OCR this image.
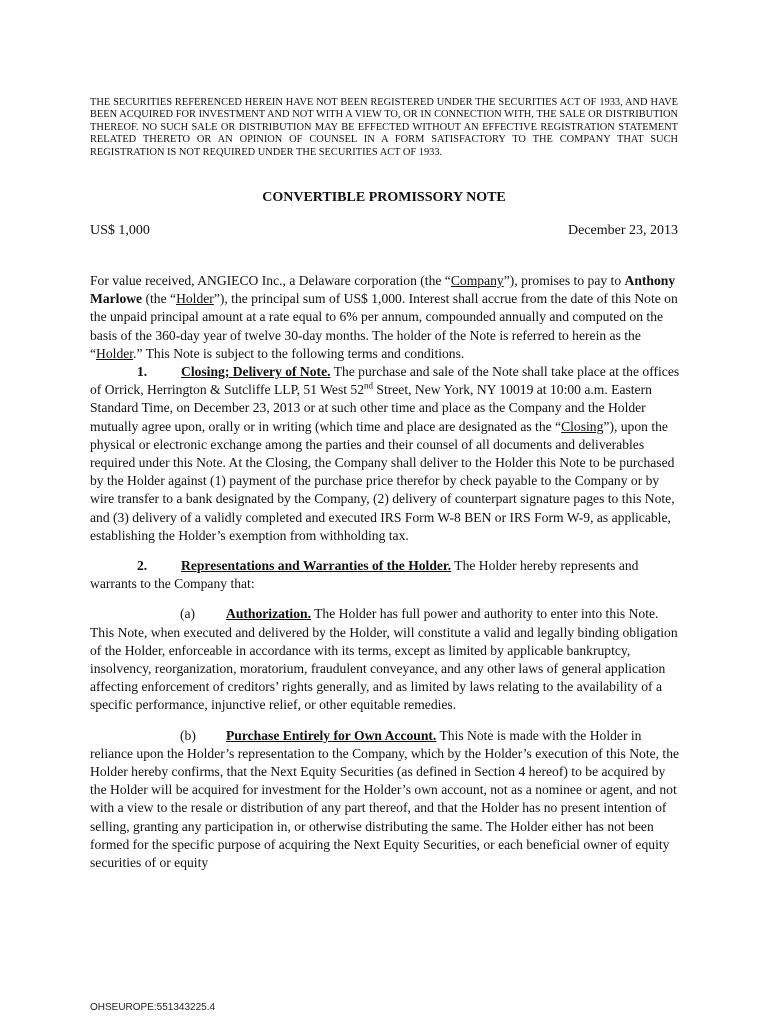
THE SECURITIES REFERENCED HEREIN HAVE NOT BEEN REGISTERED UNDER THE SECURITIES ACT OF 1933, AND HAVE BEEN ACQUIRED FOR INVESTMENT AND NOT WITH A VIEW TO, OR IN CONNECTION WITH, THE SALE OR DISTRIBUTION THEREOF. NO SUCH SALE OR DISTRIBUTION MAY BE EFFECTED WITHOUT AN EFFECTIVE REGISTRATION STATEMENT RELATED THERETO OR AN OPINION OF COUNSEL IN A FORM SATISFACTORY TO THE COMPANY THAT SUCH REGISTRATION IS NOT REQUIRED UNDER THE SECURITIES ACT OF 1933.
CONVERTIBLE PROMISSORY NOTE
US$ 1,000	December 23, 2013

For value received, ANGIECO Inc., a Delaware corporation (the “Company”), promises to pay to Anthony Marlowe (the “Holder”), the principal sum of US$ 1,000. Interest shall accrue from the date of this Note on the unpaid principal amount at a rate equal to 6% per annum, compounded annually and computed on the basis of the 360-day year of twelve 30-day months. The holder of the Note is referred to herein as the “Holder.” This Note is subject to the following terms and conditions.

1. Closing; Delivery of Note. The purchase and sale of the Note shall take place at the offices of Orrick, Herrington & Sutcliffe LLP, 51 West 52nd Street, New York, NY 10019 at 10:00 a.m. Eastern Standard Time, on December 23, 2013 or at such other time and place as the Company and the Holder mutually agree upon, orally or in writing (which time and place are designated as the “Closing”), upon the physical or electronic exchange among the parties and their counsel of all documents and deliverables required under this Note. At the Closing, the Company shall deliver to the Holder this Note to be purchased by the Holder against (1) payment of the purchase price therefor by check payable to the Company or by wire transfer to a bank designated by the Company, (2) delivery of counterpart signature pages to this Note, and (3) delivery of a validly completed and executed IRS Form W-8 BEN or IRS Form W-9, as applicable, establishing the Holder’s exemption from withholding tax.

2. Representations and Warranties of the Holder. The Holder hereby represents and warrants to the Company that:

(a) Authorization. The Holder has full power and authority to enter into this Note. This Note, when executed and delivered by the Holder, will constitute a valid and legally binding obligation of the Holder, enforceable in accordance with its terms, except as limited by applicable bankruptcy, insolvency, reorganization, moratorium, fraudulent conveyance, and any other laws of general application affecting enforcement of creditors’ rights generally, and as limited by laws relating to the availability of a specific performance, injunctive relief, or other equitable remedies.

(b) Purchase Entirely for Own Account. This Note is made with the Holder in reliance upon the Holder’s representation to the Company, which by the Holder’s execution of this Note, the Holder hereby confirms, that the Next Equity Securities (as defined in Section 4 hereof) to be acquired by the Holder will be acquired for investment for the Holder’s own account, not as a nominee or agent, and not with a view to the resale or distribution of any part thereof, and that the Holder has no present intention of selling, granting any participation in, or otherwise distributing the same. The Holder either has not been formed for the specific purpose of acquiring the Next Equity Securities, or each beneficial owner of equity securities of or equity

OHSEUROPE:551343225.4
